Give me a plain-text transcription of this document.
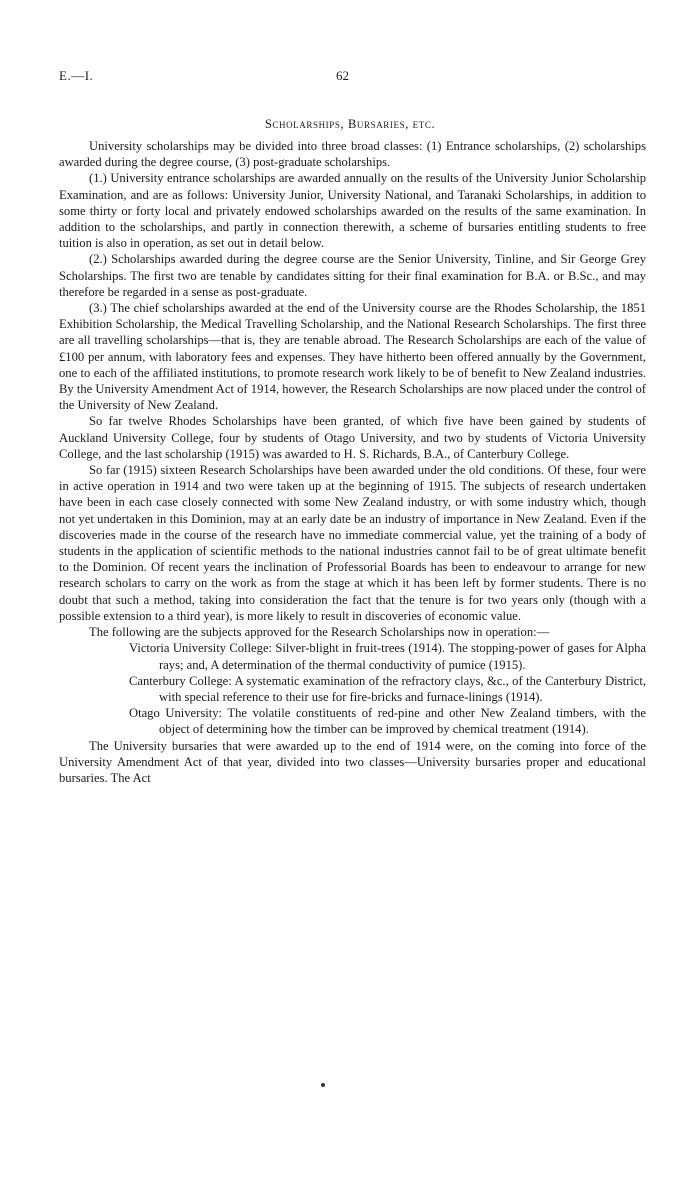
E.—I.	62
Scholarships, Bursaries, etc.

University scholarships may be divided into three broad classes: (1) Entrance scholarships, (2) scholarships awarded during the degree course, (3) post-graduate scholarships.

(1.) University entrance scholarships are awarded annually on the results of the University Junior Scholarship Examination, and are as follows: University Junior, University National, and Taranaki Scholarships, in addition to some thirty or forty local and privately endowed scholarships awarded on the results of the same examination. In addition to the scholarships, and partly in connection therewith, a scheme of bursaries entitling students to free tuition is also in operation, as set out in detail below.

(2.) Scholarships awarded during the degree course are the Senior University, Tinline, and Sir George Grey Scholarships. The first two are tenable by candidates sitting for their final examination for B.A. or B.Sc., and may therefore be regarded in a sense as post-graduate.

(3.) The chief scholarships awarded at the end of the University course are the Rhodes Scholarship, the 1851 Exhibition Scholarship, the Medical Travelling Scholarship, and the National Research Scholarships. The first three are all travelling scholarships—that is, they are tenable abroad. The Research Scholarships are each of the value of £100 per annum, with laboratory fees and expenses. They have hitherto been offered annually by the Government, one to each of the affiliated institutions, to promote research work likely to be of benefit to New Zealand industries. By the University Amendment Act of 1914, however, the Research Scholarships are now placed under the control of the University of New Zealand.

So far twelve Rhodes Scholarships have been granted, of which five have been gained by students of Auckland University College, four by students of Otago University, and two by students of Victoria University College, and the last scholarship (1915) was awarded to H. S. Richards, B.A., of Canterbury College.

So far (1915) sixteen Research Scholarships have been awarded under the old conditions. Of these, four were in active operation in 1914 and two were taken up at the beginning of 1915. The subjects of research undertaken have been in each case closely connected with some New Zealand industry, or with some industry which, though not yet undertaken in this Dominion, may at an early date be an industry of importance in New Zealand. Even if the discoveries made in the course of the research have no immediate commercial value, yet the training of a body of students in the application of scientific methods to the national industries cannot fail to be of great ultimate benefit to the Dominion. Of recent years the inclination of Professorial Boards has been to endeavour to arrange for new research scholars to carry on the work as from the stage at which it has been left by former students. There is no doubt that such a method, taking into consideration the fact that the tenure is for two years only (though with a possible extension to a third year), is more likely to result in discoveries of economic value.

The following are the subjects approved for the Research Scholarships now in operation:—

Victoria University College: Silver-blight in fruit-trees (1914). The stopping-power of gases for Alpha rays; and, A determination of the thermal conductivity of pumice (1915).

Canterbury College: A systematic examination of the refractory clays, &c., of the Canterbury District, with special reference to their use for fire-bricks and furnace-linings (1914).

Otago University: The volatile constituents of red-pine and other New Zealand timbers, with the object of determining how the timber can be improved by chemical treatment (1914).

The University bursaries that were awarded up to the end of 1914 were, on the coming into force of the University Amendment Act of that year, divided into two classes—University bursaries proper and educational bursaries. The Act
